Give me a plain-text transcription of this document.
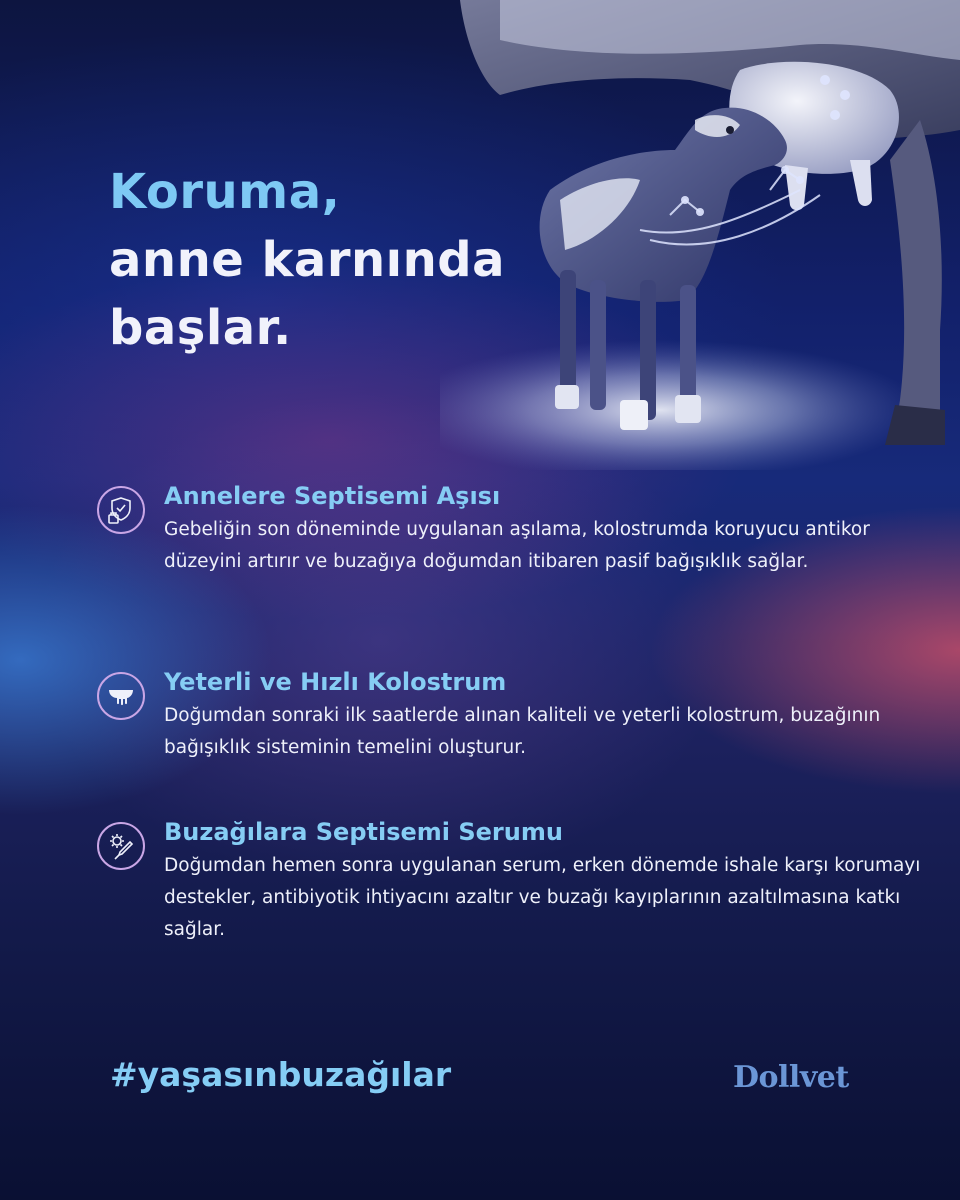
Koruma,
anne karnında
başlar.
Annelere Septisemi Aşısı

Gebeliğin son döneminde uygulanan aşılama, kolostrumda koruyucu antikor düzeyini artırır ve buzağıya doğumdan itibaren pasif bağışıklık sağlar.

Yeterli ve Hızlı Kolostrum

Doğumdan sonraki ilk saatlerde alınan kaliteli ve yeterli kolostrum, buzağının bağışıklık sisteminin temelini oluşturur.

Buzağılara Septisemi Serumu

Doğumdan hemen sonra uygulanan serum, erken dönemde ishale karşı korumayı destekler, antibiyotik ihtiyacını azaltır ve buzağı kayıplarının azaltılmasına katkı sağlar.

#yaşasınbuzağılar	Dollvet
